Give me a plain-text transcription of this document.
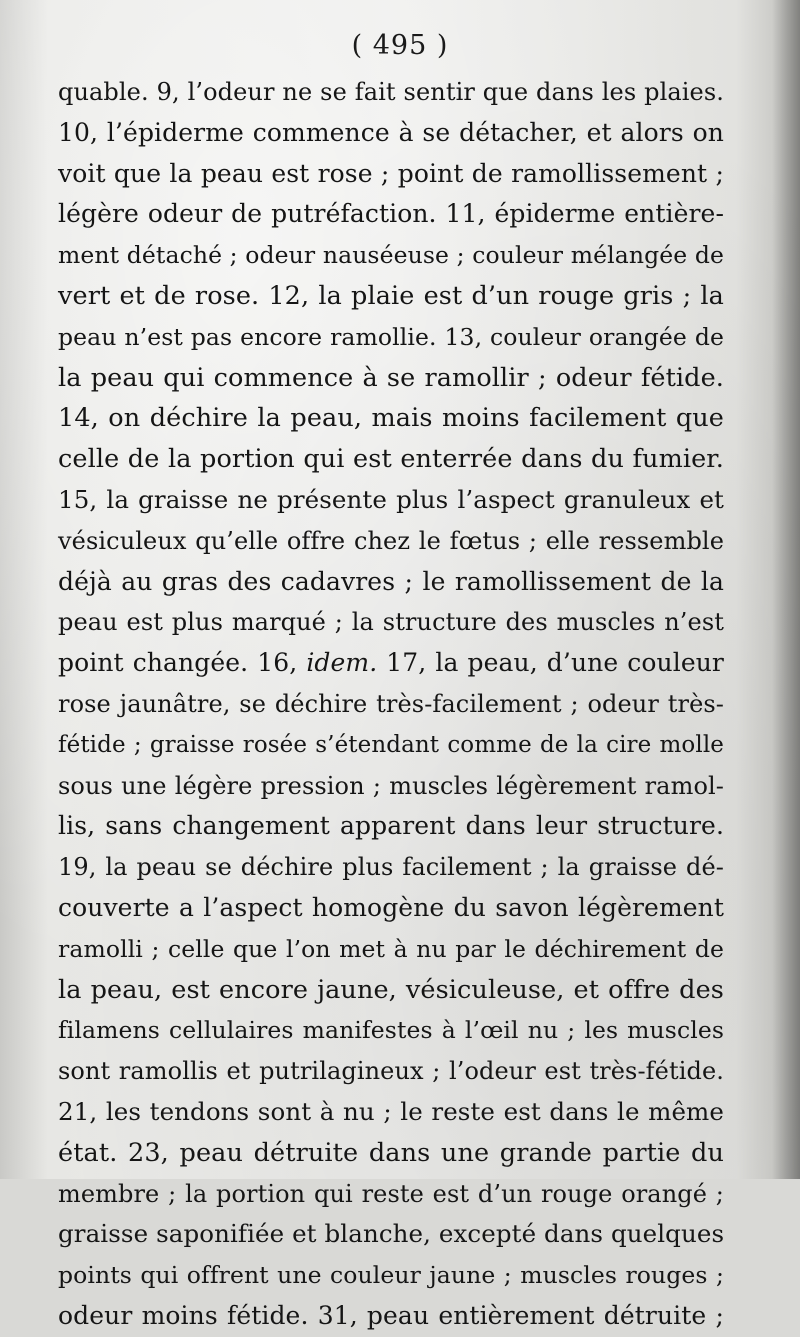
( 495 )
quable. 9, l’odeur ne se fait sentir que dans les plaies.
10, l’épiderme commence à se détacher, et alors on
voit que la peau est rose ; point de ramollissement ;
légère odeur de putréfaction. 11, épiderme entière-
ment détaché ; odeur nauséeuse ; couleur mélangée de
vert et de rose. 12, la plaie est d’un rouge gris ; la
peau n’est pas encore ramollie. 13, couleur orangée de
la peau qui commence à se ramollir ; odeur fétide.
14, on déchire la peau, mais moins facilement que
celle de la portion qui est enterrée dans du fumier.
15, la graisse ne présente plus l’aspect granuleux et
vésiculeux qu’elle offre chez le fœtus ; elle ressemble
déjà au gras des cadavres ; le ramollissement de la
peau est plus marqué ; la structure des muscles n’est
point changée. 16, idem. 17, la peau, d’une couleur
rose jaunâtre, se déchire très-facilement ; odeur très-
fétide ; graisse rosée s’étendant comme de la cire molle
sous une légère pression ; muscles légèrement ramol-
lis, sans changement apparent dans leur structure.
19, la peau se déchire plus facilement ; la graisse dé-
couverte a l’aspect homogène du savon légèrement
ramolli ; celle que l’on met à nu par le déchirement de
la peau, est encore jaune, vésiculeuse, et offre des
filamens cellulaires manifestes à l’œil nu ; les muscles
sont ramollis et putrilagineux ; l’odeur est très-fétide.
21, les tendons sont à nu ; le reste est dans le même
état. 23, peau détruite dans une grande partie du
membre ; la portion qui reste est d’un rouge orangé ;
graisse saponifiée et blanche, excepté dans quelques
points qui offrent une couleur jaune ; muscles rouges ;
odeur moins fétide. 31, peau entièrement détruite ;
